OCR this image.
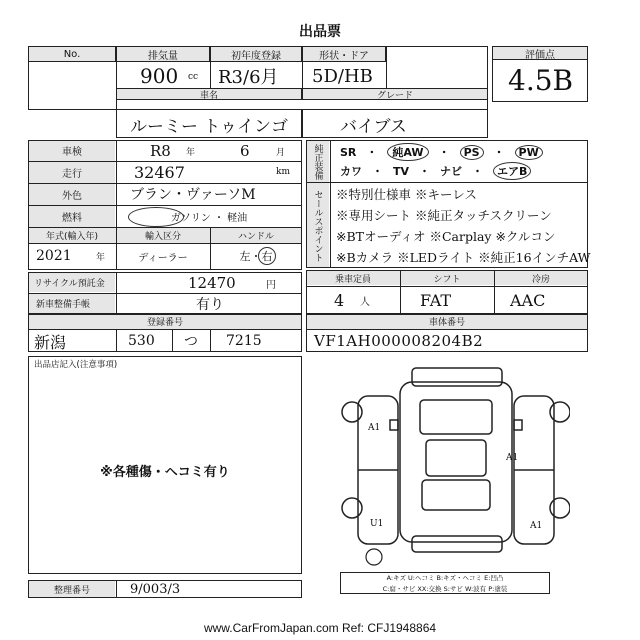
出品票
No.	排気量	初年度登録	形状・ドア
900 cc R3/6月 5D/HB
車名	グレード
評価点
4.5B
ルーミー トゥインゴ	バイブス
車検	R8 年	6	月
走行	32467	km
外色	ブラン・ヴァーソM
燃料	ガソリン ・ 軽油
年式(輸入年)	輸入区分	ハンドル
2021	年	ディーラー	左・右
リサイクル預託金	12470	円
新車整備手帳	有り
登録番号
新潟	530 つ 7215
純正装備
セールスポイント
SR ・	純AW	・	PS	・	PW
カワ ・ TV ・ ナビ ・	エアB
※特別仕様車 ※キーレス
※専用シート ※純正タッチスクリーン
※BTオーディオ ※Carplay ※クルコン
※Bカメラ ※LEDライト ※純正16インチAW
乗車定員	シフト	冷房
4 人	FAT	AAC
車体番号
VF1AH000008204B2
出品店記入(注意事項)
※各種傷・ヘコミ有り
整理番号	9/003/3
A1
A1
U1	A1
A:キズ U:ヘコミ B:キズ・ヘコミ E:凹凸
C:腐・サビ XX:交換 S:サビ W:波有 P:塗装
www.CarFromJapan.com Ref: CFJ1948864
